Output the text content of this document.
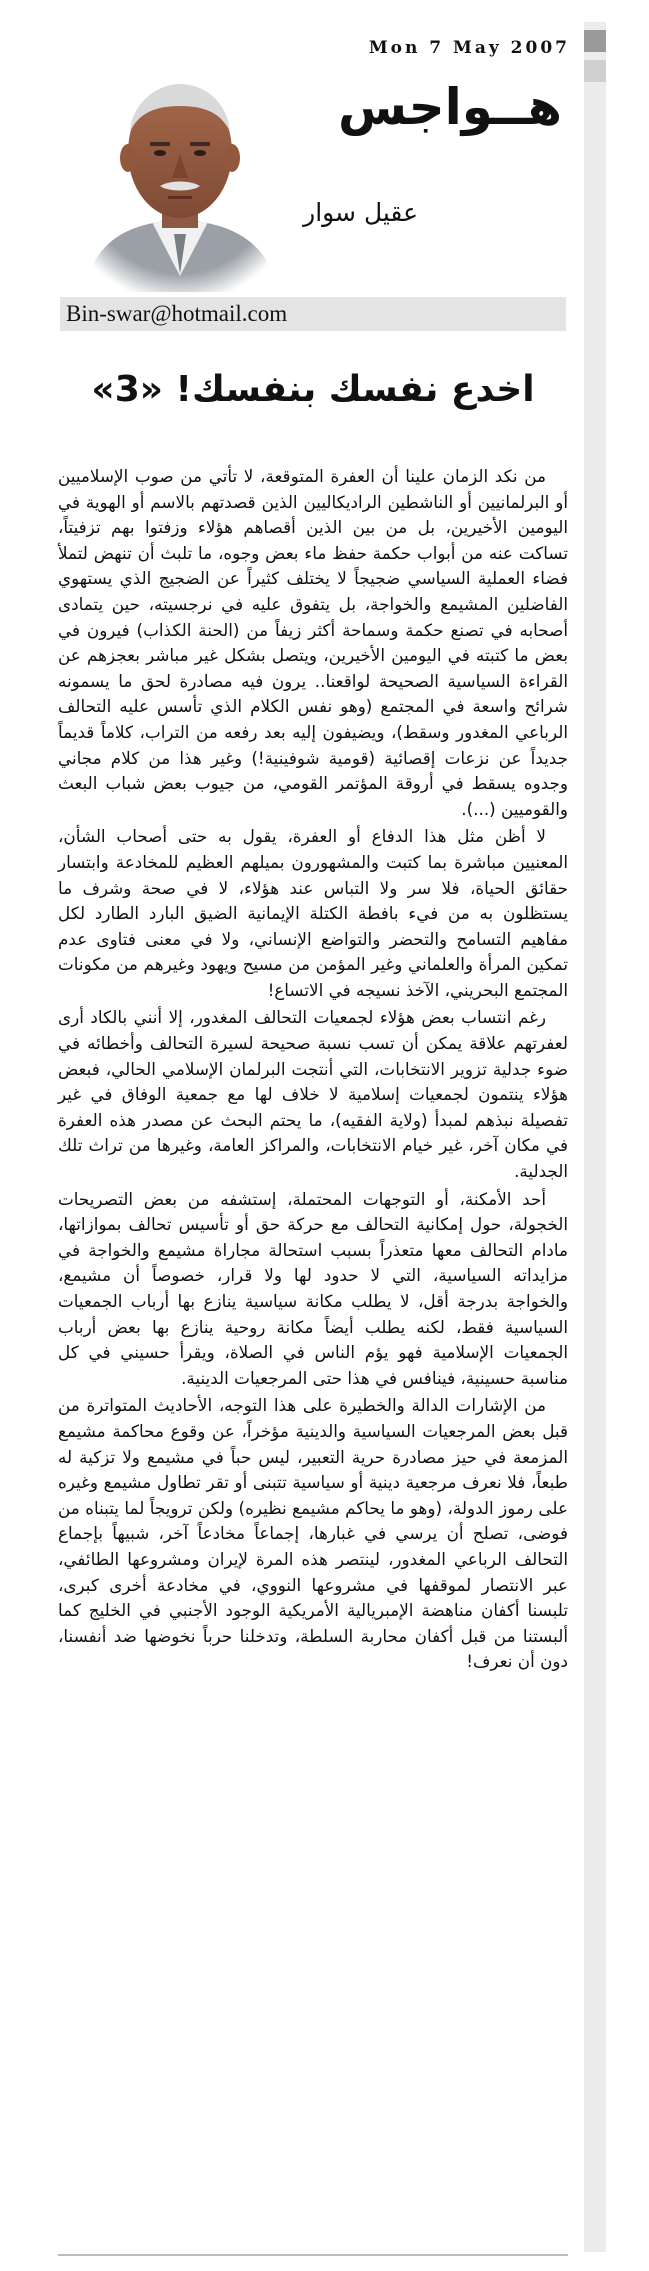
Mon 7 May 2007
هــواجس
عقيل سوار
Bin-swar@hotmail.com
اخدع نفسك بنفسك! «3»

من نكد الزمان علينا أن العفرة المتوقعة، لا تأتي من صوب الإسلاميين أو البرلمانيين أو الناشطين الراديكاليين الذين قصدتهم بالاسم أو الهوية في اليومين الأخيرين، بل من بين الذين أقصاهم هؤلاء وزفتوا بهم تزفيتاً، تساكت عنه من أبواب حكمة حفظ ماء بعض وجوه، ما تلبث أن تنهض لتملأ فضاء العملية السياسي ضجيجاً لا يختلف كثيراً عن الضجيج الذي يستهوي الفاضلين المشيمع والخواجة، بل يتفوق عليه في نرجسيته، حين يتمادى أصحابه في تصنع حكمة وسماحة أكثر زيفاً من (الحنة الكذاب) فيرون في بعض ما كتبته في اليومين الأخيرين، ويتصل بشكل غير مباشر بعجزهم عن القراءة السياسية الصحيحة لواقعنا.. يرون فيه مصادرة لحق ما يسمونه شرائح واسعة في المجتمع (وهو نفس الكلام الذي تأسس عليه التحالف الرباعي المغدور وسقط)، ويضيفون إليه بعد رفعه من التراب، كلاماً قديماً جديداً عن نزعات إقصائية (قومية شوفينية!) وغير هذا من كلام مجاني وجدوه يسقط في أروقة المؤتمر القومي، من جيوب بعض شباب البعث والقوميين (...).

لا أظن مثل هذا الدفاع أو العفرة، يقول به حتى أصحاب الشأن، المعنيين مباشرة بما كتبت والمشهورون بميلهم العظيم للمخادعة وابتسار حقائق الحياة، فلا سر ولا التباس عند هؤلاء، لا في صحة وشرف ما يستظلون به من فيء بافطة الكتلة الإيمانية الضيق البارد الطارد لكل مفاهيم التسامح والتحضر والتواضع الإنساني، ولا في معنى فتاوى عدم تمكين المرأة والعلماني وغير المؤمن من مسيح ويهود وغيرهم من مكونات المجتمع البحريني، الآخذ نسيجه في الاتساع!

رغم انتساب بعض هؤلاء لجمعيات التحالف المغدور، إلا أنني بالكاد أرى لعفرتهم علاقة يمكن أن تسب نسبة صحيحة لسيرة التحالف وأخطائه في ضوء جدلية تزوير الانتخابات، التي أنتجت البرلمان الإسلامي الحالي، فبعض هؤلاء ينتمون لجمعيات إسلامية لا خلاف لها مع جمعية الوفاق في غير تفصيلة نبذهم لمبدأ (ولاية الفقيه)، ما يحتم البحث عن مصدر هذه العفرة في مكان آخر، غير خيام الانتخابات، والمراكز العامة، وغيرها من تراث تلك الجدلية.

أحد الأمكنة، أو التوجهات المحتملة، إستشفه من بعض التصريحات الخجولة، حول إمكانية التحالف مع حركة حق أو تأسيس تحالف بموازاتها، مادام التحالف معها متعذراً بسبب استحالة مجاراة مشيمع والخواجة في مزايداته السياسية، التي لا حدود لها ولا قرار، خصوصاً أن مشيمع، والخواجة بدرجة أقل، لا يطلب مكانة سياسية ينازع بها أرباب الجمعيات السياسية فقط، لكنه يطلب أيضاً مكانة روحية ينازع بها بعض أرباب الجمعيات الإسلامية فهو يؤم الناس في الصلاة، ويقرأ حسيني في كل مناسبة حسينية، فينافس في هذا حتى المرجعيات الدينية.

من الإشارات الدالة والخطيرة على هذا التوجه، الأحاديث المتواترة من قبل بعض المرجعيات السياسية والدينية مؤخراً، عن وقوع محاكمة مشيمع المزمعة في حيز مصادرة حرية التعبير، ليس حباً في مشيمع ولا تزكية له طبعاً، فلا نعرف مرجعية دينية أو سياسية تتبنى أو تقر تطاول مشيمع وغيره على رموز الدولة، (وهو ما يحاكم مشيمع نظيره) ولكن ترويجاً لما يتبناه من فوضى، تصلح أن يرسي في غبارها، إجماعاً مخادعاً آخر، شبيهاً بإجماع التحالف الرباعي المغدور، لينتصر هذه المرة لإيران ومشروعها الطائفي، عبر الانتصار لموقفها في مشروعها النووي، في مخادعة أخرى كبرى، تلبسنا أكفان مناهضة الإمبريالية الأمريكية الوجود الأجنبي في الخليج كما ألبستنا من قبل أكفان محاربة السلطة، وتدخلنا حرباً نخوضها ضد أنفسنا، دون أن نعرف!
